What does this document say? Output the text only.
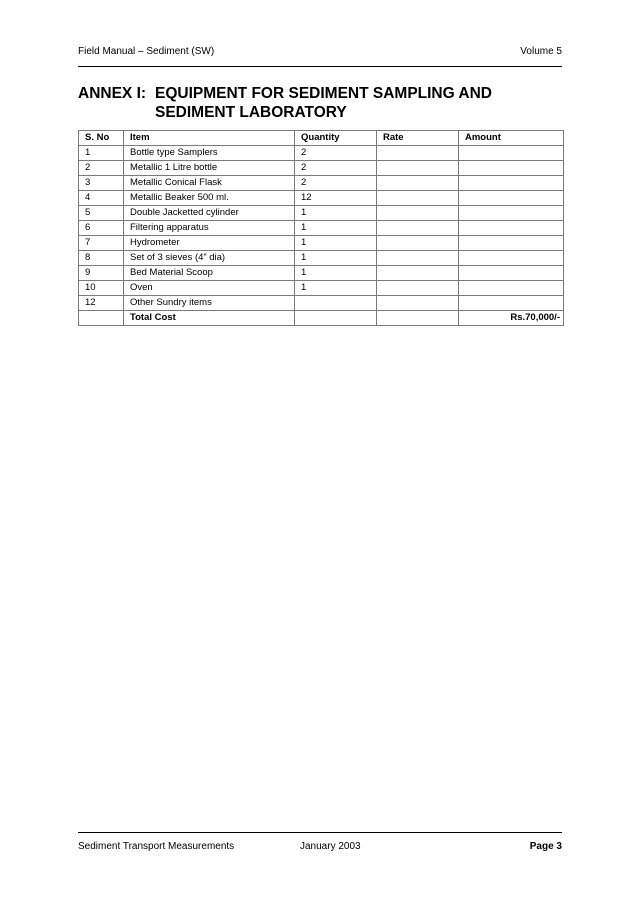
Field Manual – Sediment (SW)	Volume 5
ANNEX I: EQUIPMENT FOR SEDIMENT SAMPLING AND
SEDIMENT LABORATORY
S. No	Item	Quantity	Rate	Amount
1	Bottle type Samplers	2		
2	Metallic 1 Litre bottle	2		
3	Metallic Conical Flask	2		
4	Metallic Beaker 500 ml.	12		
5	Double Jacketted cylinder	1		
6	Filtering apparatus	1		
7	Hydrometer	1		
8	Set of 3 sieves (4” dia)	1		
9	Bed Material Scoop	1		
10	Oven	1		
12	Other Sundry items			
	Total Cost			Rs.70,000/-
Sediment Transport Measurements	January 2003	Page 3
